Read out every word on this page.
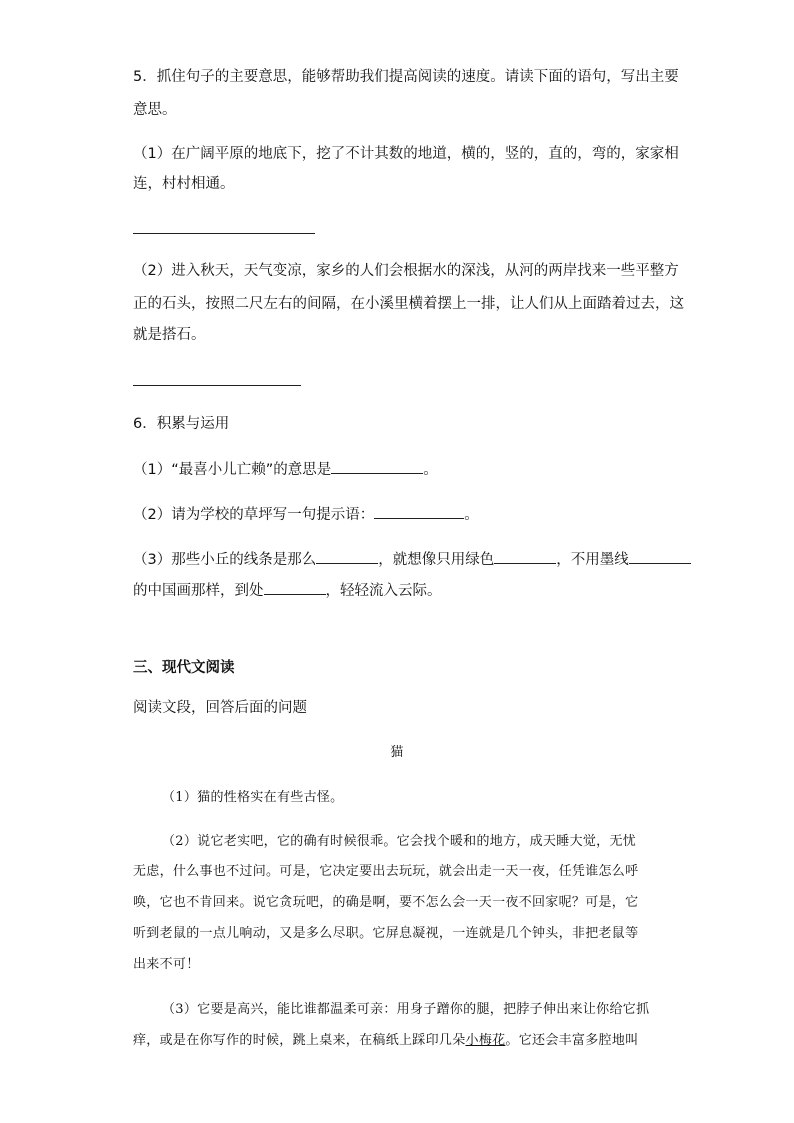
5．抓住句子的主要意思，能够帮助我们提高阅读的速度。请读下面的语句，写出主要
意思。
（1）在广阔平原的地底下，挖了不计其数的地道，横的，竖的，直的，弯的，家家相
连，村村相通。
（2）进入秋天，天气变凉，家乡的人们会根据水的深浅，从河的两岸找来一些平整方
正的石头，按照二尺左右的间隔，在小溪里横着摆上一排，让人们从上面踏着过去，这
就是搭石。
6．积累与运用
（1）“最喜小儿亡赖”的意思是	。
（2）请为学校的草坪写一句提示语：	。
（3）那些小丘的线条是那么	，就想像只用绿色	，不用墨线
的中国画那样，到处	，轻轻流入云际。
三、现代文阅读
阅读文段，回答后面的问题
猫
（1）猫的性格实在有些古怪。
（2）说它老实吧，它的确有时候很乖。它会找个暖和的地方，成天睡大觉，无忧
无虑，什么事也不过问。可是，它决定要出去玩玩，就会出走一天一夜，任凭谁怎么呼
唤，它也不肯回来。说它贪玩吧，的确是啊，要不怎么会一天一夜不回家呢？可是，它
听到老鼠的一点儿响动，又是多么尽职。它屏息凝视，一连就是几个钟头，非把老鼠等
出来不可！
（3）它要是高兴，能比谁都温柔可亲：用身子蹭你的腿，把脖子伸出来让你给它抓
痒，或是在你写作的时候，跳上桌来，在稿纸上踩印几朵小梅花。它还会丰富多腔地叫
